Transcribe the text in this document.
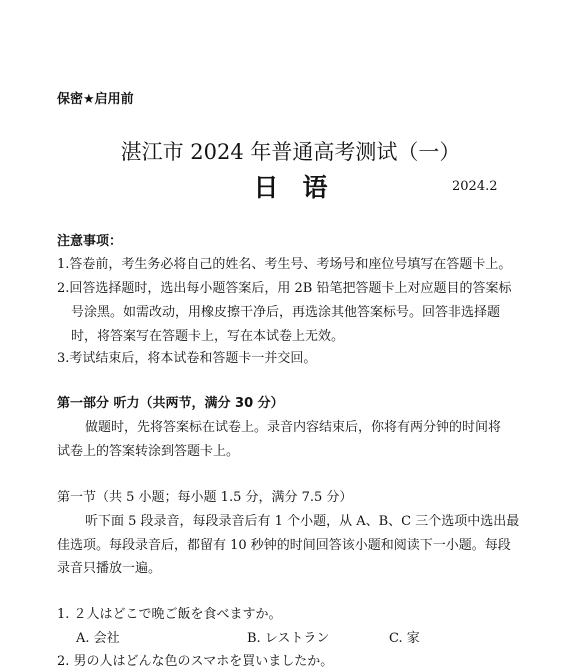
保密★启用前
湛江市 2024 年普通高考测试（一）
日语	2024.2
注意事项：
1.答卷前，考生务必将自己的姓名、考生号、考场号和座位号填写在答题卡上。
2.回答选择题时，选出每小题答案后，用 2B 铅笔把答题卡上对应题目的答案标
号涂黑。如需改动，用橡皮擦干净后，再选涂其他答案标号。回答非选择题
时，将答案写在答题卡上，写在本试卷上无效。
3.考试结束后，将本试卷和答题卡一并交回。
第一部分 听力（共两节，满分 30 分）
做题时，先将答案标在试卷上。录音内容结束后，你将有两分钟的时间将
试卷上的答案转涂到答题卡上。
第一节（共 5 小题；每小题 1.5 分，满分 7.5 分）
听下面 5 段录音，每段录音后有 1 个小题，从 A、B、C 三个选项中选出最
佳选项。每段录音后，都留有 10 秒钟的时间回答该小题和阅读下一小题。每段
录音只播放一遍。
1. ２人はどこで晩ご飯を食べますか。
A. 会社	B. レストラン	C. 家
2. 男の人はどんな色のスマホを買いましたか。
